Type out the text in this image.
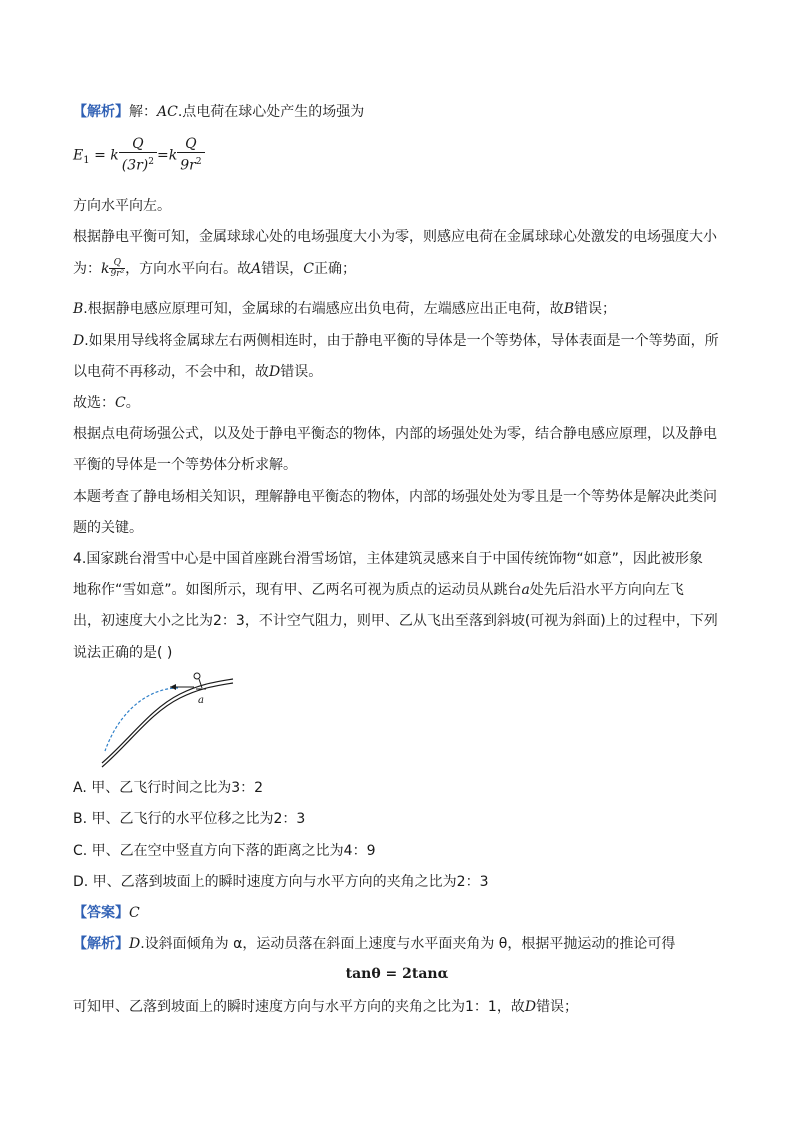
【解析】解：AC.点电荷在球心处产生的场强为
$E_1 = k \frac{Q}{(3r)^2} =k \frac{Q}{9r^2}$
方向水平向左。
根据静电平衡可知，金属球球心处的电场强度大小为零，则感应电荷在金属球球心处激发的电场强度大小
为：k $\frac{Q}{\text{9r²}}$ ，方向水平向右。故A错误，C正确；
B.根据静电感应原理可知，金属球的右端感应出负电荷，左端感应出正电荷，故B错误；
D.如果用导线将金属球左右两侧相连时，由于静电平衡的导体是一个等势体，导体表面是一个等势面，所
以电荷不再移动，不会中和，故D错误。
故选：C。
根据点电荷场强公式，以及处于静电平衡态的物体，内部的场强处处为零，结合静电感应原理，以及静电
平衡的导体是一个等势体分析求解。
本题考查了静电场相关知识，理解静电平衡态的物体，内部的场强处处为零且是一个等势体是解决此类问
题的关键。
4.国家跳台滑雪中心是中国首座跳台滑雪场馆，主体建筑灵感来自于中国传统饰物“如意”，因此被形象
地称作“雪如意”。如图所示，现有甲、乙两名可视为质点的运动员从跳台a处先后沿水平方向向左飞
出，初速度大小之比为2：3，不计空气阻力，则甲、乙从飞出至落到斜坡(可视为斜面)上的过程中，下列
说法正确的是( )
a
A. 甲、乙飞行时间之比为3：2
B. 甲、乙飞行的水平位移之比为2：3
C. 甲、乙在空中竖直方向下落的距离之比为4：9
D. 甲、乙落到坡面上的瞬时速度方向与水平方向的夹角之比为2：3
【答案】C
【解析】D.设斜面倾角为 α，运动员落在斜面上速度与水平面夹角为 θ，根据平抛运动的推论可得
tanθ = 2tanα
可知甲、乙落到坡面上的瞬时速度方向与水平方向的夹角之比为1：1，故D错误；
